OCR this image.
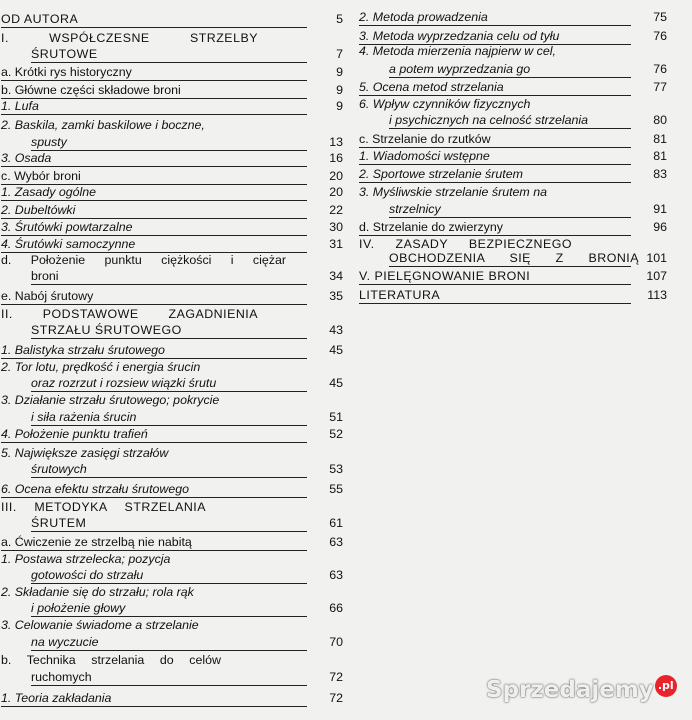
OD AUTORA	5
I. WSPÓŁCZESNE STRZELBY
ŚRUTOWE	7
a. Krótki rys historyczny	9
b. Główne części składowe broni	9
1. Lufa	9
2. Baskila, zamki baskilowe i boczne,
spusty	13
3. Osada	16
c. Wybór broni	20
1. Zasady ogólne	20
2. Dubeltówki	22
3. Śrutówki powtarzalne	30
4. Śrutówki samoczynne	31
d. Położenie punktu ciężkości i ciężar
broni	34
e. Nabój śrutowy	35
II. PODSTAWOWE ZAGADNIENIA
STRZAŁU ŚRUTOWEGO	43
1. Balistyka strzału śrutowego	45
2. Tor lotu, prędkość i energia śrucin
oraz rozrzut i rozsiew wiązki śrutu	45
3. Działanie strzału śrutowego; pokrycie
i siła rażenia śrucin	51
4. Położenie punktu trafień	52
5. Największe zasięgi strzałów
śrutowych	53
6. Ocena efektu strzału śrutowego	55
III. METODYKA STRZELANIA
ŚRUTEM	61
a. Ćwiczenie ze strzelbą nie nabitą	63
1. Postawa strzelecka; pozycja
gotowości do strzału	63
2. Składanie się do strzału; rola rąk
i położenie głowy	66
3. Celowanie świadome a strzelanie
na wyczucie	70
b. Technika strzelania do celów
ruchomych	72
1. Teoria zakładania	72
2. Metoda prowadzenia	75
3. Metoda wyprzedzania celu od tyłu	76
4. Metoda mierzenia najpierw w cel,
a potem wyprzedzania go	76
5. Ocena metod strzelania	77
6. Wpływ czynników fizycznych
i psychicznych na celność strzelania	80
c. Strzelanie do rzutków	81
1. Wiadomości wstępne	81
2. Sportowe strzelanie śrutem	83
3. Myśliwskie strzelanie śrutem na
strzelnicy	91
d. Strzelanie do zwierzyny	96
IV. ZASADY BEZPIECZNEGO
OBCHODZENIA SIĘ Z BRONIĄ 101
V. PIELĘGNOWANIE BRONI	107
LITERATURA	113
Sprzedajemy .pl
